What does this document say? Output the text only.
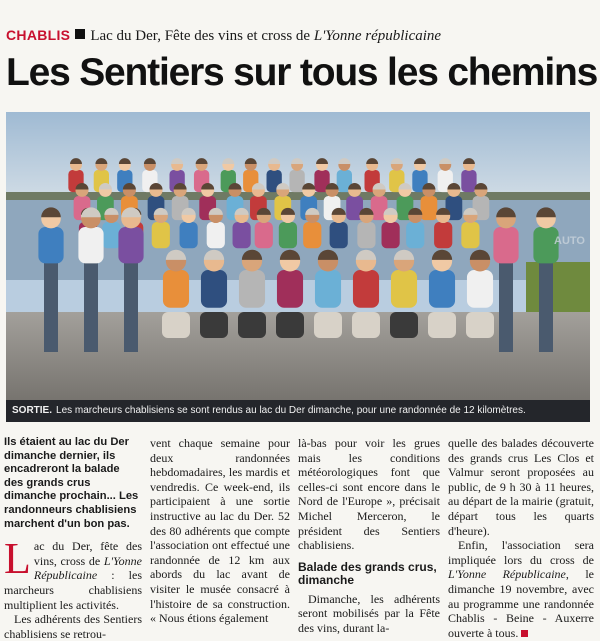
CHABLIS Lac du Der, Fête des vins et cross de L'Yonne républicaine
Les Sentiers sur tous les chemins
AUTO
SORTIE. Les marcheurs chablisiens se sont rendus au lac du Der dimanche, pour une randonnée de 12 kilomètres.

Ils étaient au lac du Der dimanche dernier, ils encadreront la balade des grands crus dimanche prochain... Les randonneurs chablisiens marchent d'un bon pas.

Lac du Der, fête des vins, cross de L'Yonne Républicaine : les marcheurs chablisiens multiplient les activités.

Les adhérents des Sentiers chablisiens se retrou-

vent chaque semaine pour deux randonnées hebdomadaires, les mardis et vendredis. Ce week-end, ils participaient à une sortie instructive au lac du Der. 52 des 80 adhérents que compte l'association ont effectué une randonnée de 12 km aux abords du lac avant de visiter le musée consacré à l'histoire de sa construction. « Nous étions également

là-bas pour voir les grues mais les conditions météorologiques font que celles-ci sont encore dans le Nord de l'Europe », précisait Michel Merceron, le président des Sentiers chablisiens.

Balade des grands crus, dimanche

Dimanche, les adhérents seront mobilisés par la Fête des vins, durant la-

quelle des balades découverte des grands crus Les Clos et Valmur seront proposées au public, de 9 h 30 à 11 heures, au départ de la mairie (gratuit, départ tous les quarts d'heure).

Enfin, l'association sera impliquée lors du cross de L'Yonne Républicaine, le dimanche 19 novembre, avec au programme une randonnée Chablis - Beine - Auxerre ouverte à tous.
